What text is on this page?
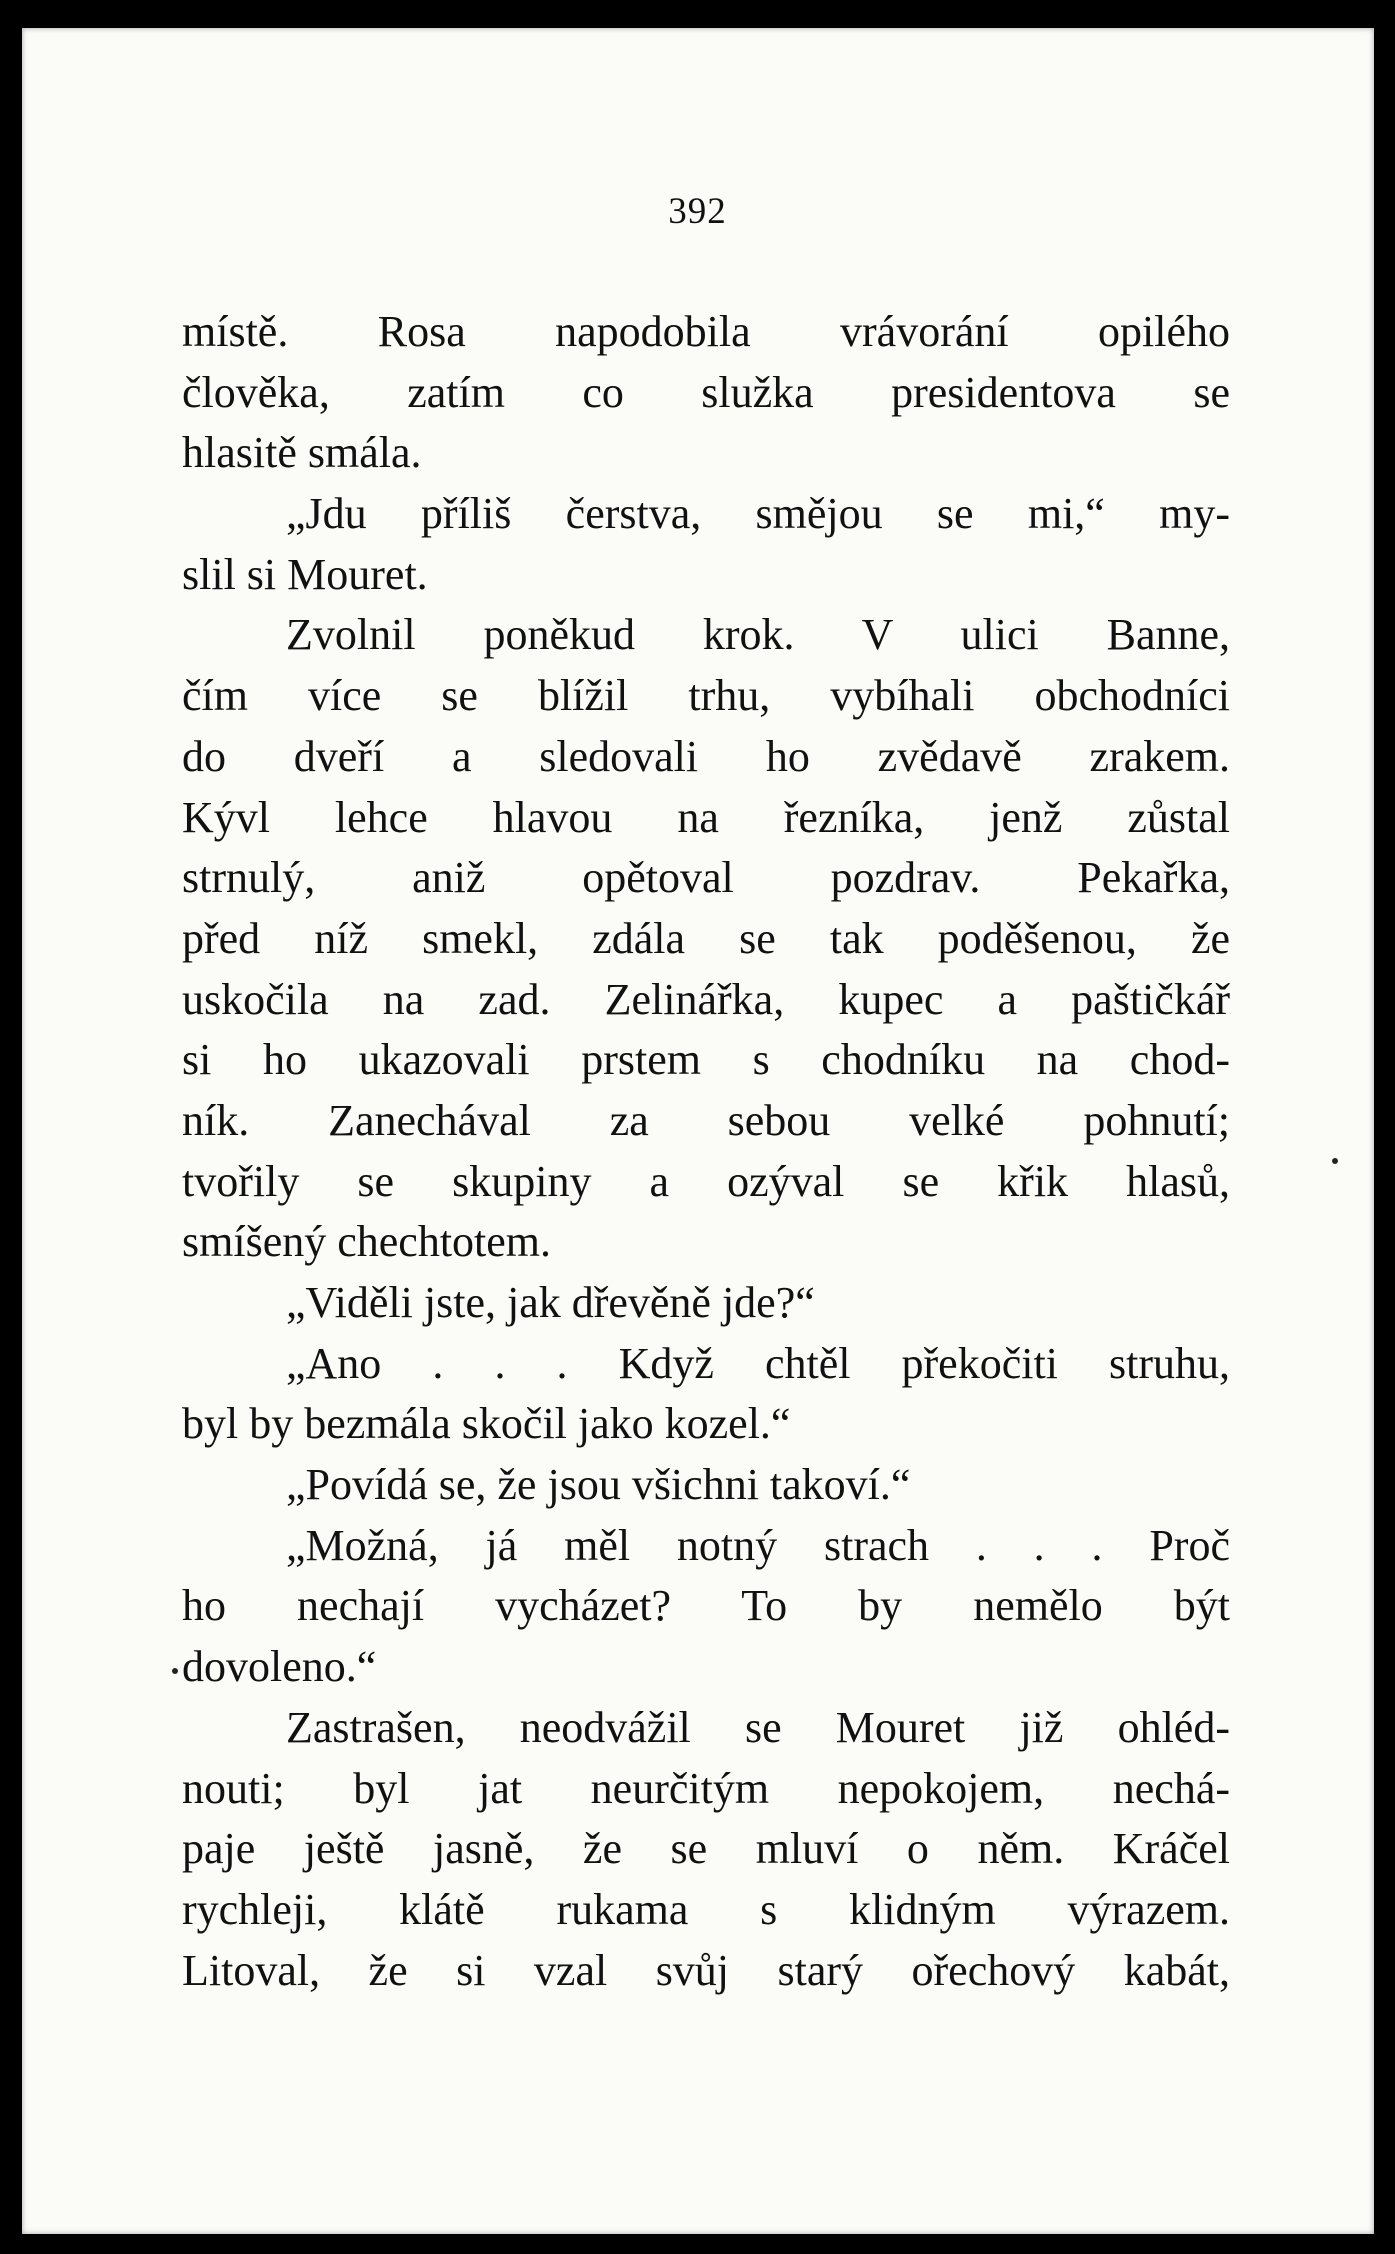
392
místě. Rosa napodobila vrávorání opilého
člověka, zatím co služka presidentova se
hlasitě smála.
„Jdu příliš čerstva, smějou se mi,“ my-
slil si Mouret.
Zvolnil poněkud krok. V ulici Banne,
čím více se blížil trhu, vybíhali obchodníci
do dveří a sledovali ho zvědavě zrakem.
Kývl lehce hlavou na řezníka, jenž zůstal
strnulý, aniž opětoval pozdrav. Pekařka,
před níž smekl, zdála se tak poděšenou, že
uskočila na zad. Zelinářka, kupec a paštičkář
si ho ukazovali prstem s chodníku na chod-
ník. Zanechával za sebou velké pohnutí;
tvořily se skupiny a ozýval se křik hlasů,
smíšený chechtotem.
„Viděli jste, jak dřevěně jde?“
„Ano . . . Když chtěl překočiti struhu,
byl by bezmála skočil jako kozel.“
„Povídá se, že jsou všichni takoví.“
„Možná, já měl notný strach . . . Proč
ho nechají vycházet? To by nemělo být
dovoleno.“
Zastrašen, neodvážil se Mouret již ohléd-
nouti; byl jat neurčitým nepokojem, nechá-
paje ještě jasně, že se mluví o něm. Kráčel
rychleji, klátě rukama s klidným výrazem.
Litoval, že si vzal svůj starý ořechový kabát,
